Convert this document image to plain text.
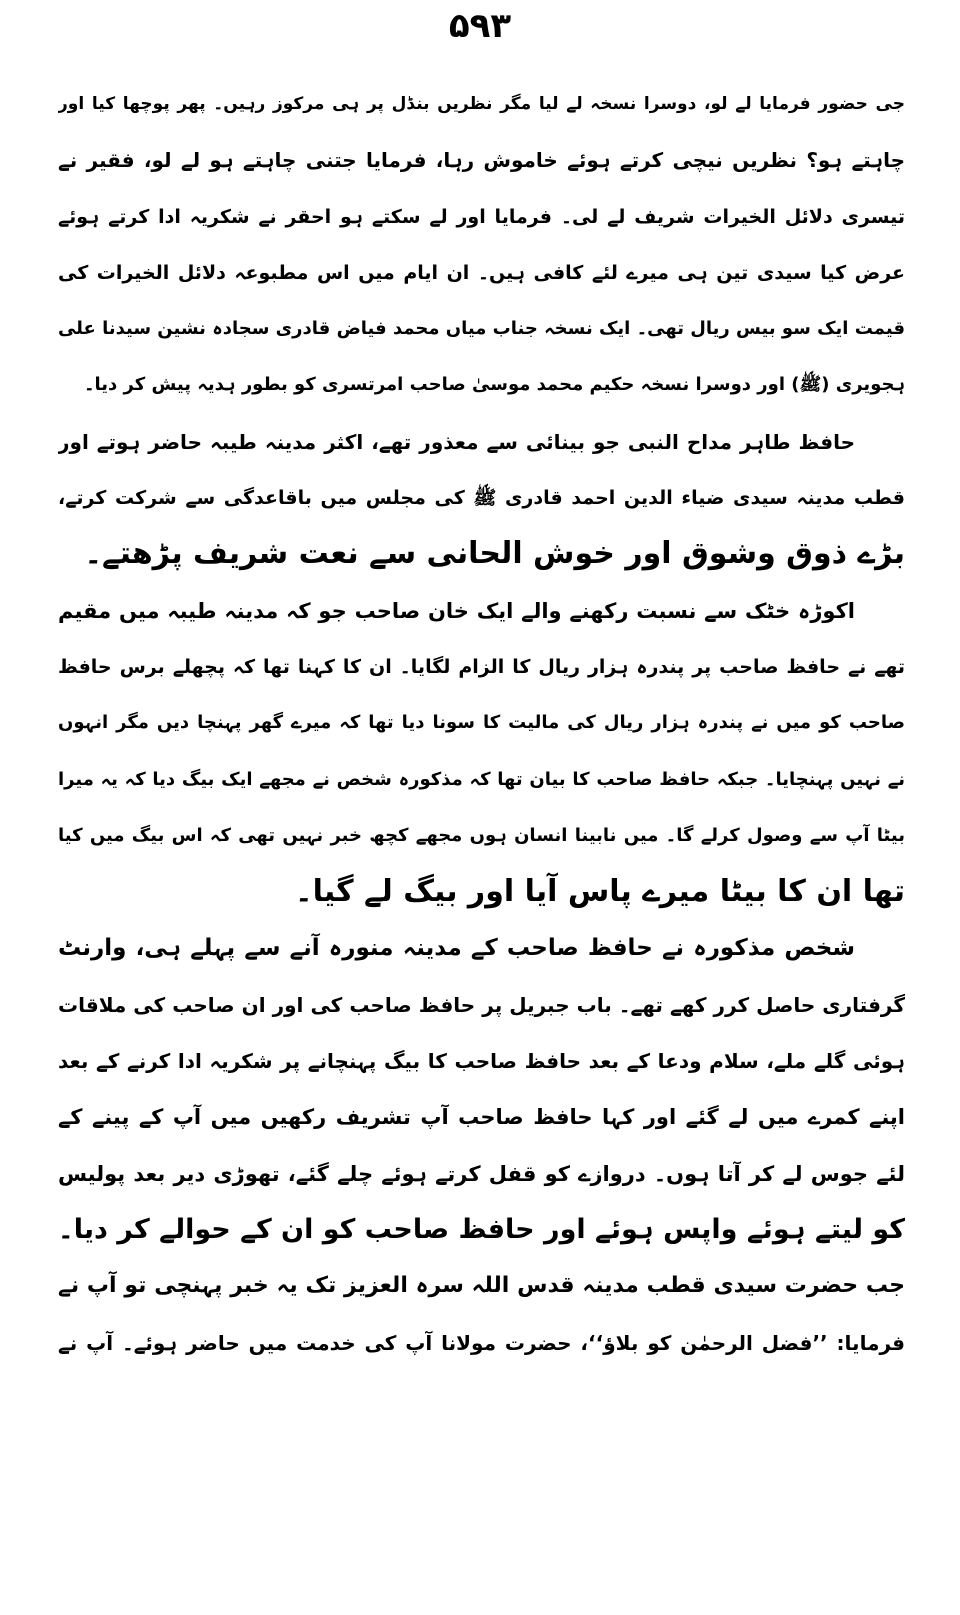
۵۹۳
جی حضور فرمایا لے لو، دوسرا نسخہ لے لیا مگر نظریں بنڈل پر ہی مرکوز رہیں۔ پھر پوچھا کیا اور
چاہتے ہو؟ نظریں نیچی کرتے ہوئے خاموش رہا، فرمایا جتنی چاہتے ہو لے لو، فقیر نے
تیسری دلائل الخیرات شریف لے لی۔ فرمایا اور لے سکتے ہو احقر نے شکریہ ادا کرتے ہوئے
عرض کیا سیدی تین ہی میرے لئے کافی ہیں۔ ان ایام میں اس مطبوعہ دلائل الخیرات کی
قیمت ایک سو بیس ریال تھی۔ ایک نسخہ جناب میاں محمد فیاض قادری سجادہ نشین سیدنا علی
ہجویری (ﷺ) اور دوسرا نسخہ حکیم محمد موسیٰ صاحب امرتسری کو بطور ہدیہ پیش کر دیا۔
حافظ طاہر مداح النبی جو بینائی سے معذور تھے، اکثر مدینہ طیبہ حاضر ہوتے اور
قطب مدینہ سیدی ضیاء الدین احمد قادری ﷺ کی مجلس میں باقاعدگی سے شرکت کرتے،
بڑے ذوق وشوق اور خوش الحانی سے نعت شریف پڑھتے۔
اکوڑہ خٹک سے نسبت رکھنے والے ایک خان صاحب جو کہ مدینہ طیبہ میں مقیم
تھے نے حافظ صاحب پر پندرہ ہزار ریال کا الزام لگایا۔ ان کا کہنا تھا کہ پچھلے برس حافظ
صاحب کو میں نے پندرہ ہزار ریال کی مالیت کا سونا دیا تھا کہ میرے گھر پہنچا دیں مگر انہوں
نے نہیں پہنچایا۔ جبکہ حافظ صاحب کا بیان تھا کہ مذکورہ شخص نے مجھے ایک بیگ دیا کہ یہ میرا
بیٹا آپ سے وصول کرلے گا۔ میں نابینا انسان ہوں مجھے کچھ خبر نہیں تھی کہ اس بیگ میں کیا
تھا ان کا بیٹا میرے پاس آیا اور بیگ لے گیا۔
شخص مذکورہ نے حافظ صاحب کے مدینہ منورہ آنے سے پہلے ہی، وارنٹ
گرفتاری حاصل کرر کھے تھے۔ باب جبریل پر حافظ صاحب کی اور ان صاحب کی ملاقات
ہوئی گلے ملے، سلام ودعا کے بعد حافظ صاحب کا بیگ پہنچانے پر شکریہ ادا کرنے کے بعد
اپنے کمرے میں لے گئے اور کہا حافظ صاحب آپ تشریف رکھیں میں آپ کے پینے کے
لئے جوس لے کر آتا ہوں۔ دروازے کو قفل کرتے ہوئے چلے گئے، تھوڑی دیر بعد پولیس
کو لیتے ہوئے واپس ہوئے اور حافظ صاحب کو ان کے حوالے کر دیا۔
جب حضرت سیدی قطب مدینہ قدس اللہ سرہ العزیز تک یہ خبر پہنچی تو آپ نے
فرمایا: ’’فضل الرحمٰن کو بلاؤ‘‘، حضرت مولانا آپ کی خدمت میں حاضر ہوئے۔ آپ نے
